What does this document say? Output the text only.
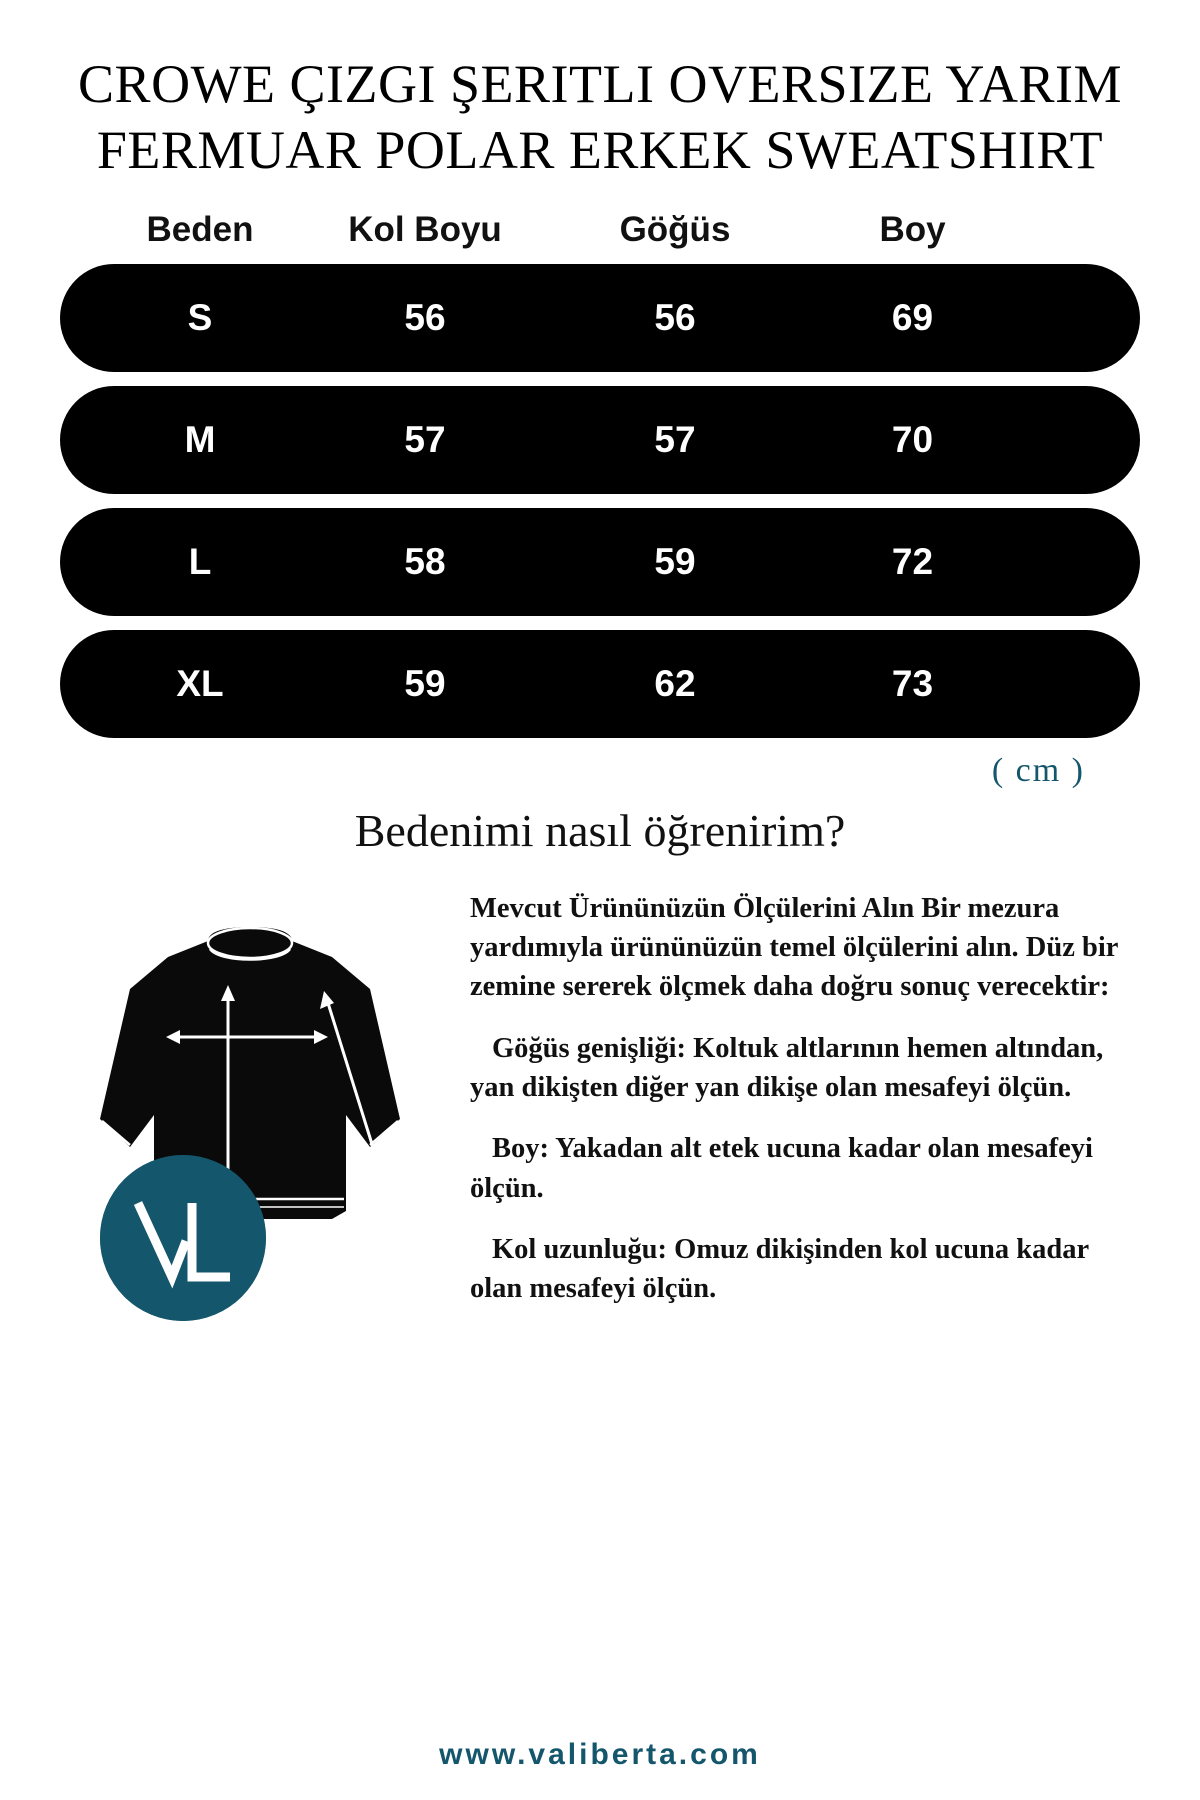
CROWE ÇIZGI ŞERITLI OVERSIZE YARIM FERMUAR POLAR ERKEK SWEATSHIRT
Beden	Kol Boyu	Göğüs	Boy
S	56	56	69
M	57	57	70
L	58	59	72
XL	59	62	73
( cm )
Bedenimi nasıl öğrenirim?

Mevcut Ürününüzün Ölçülerini Alın Bir mezura yardımıyla ürününüzün temel ölçülerini alın. Düz bir zemine sererek ölçmek daha doğru sonuç verecektir:

Göğüs genişliği: Koltuk altlarının hemen altından, yan dikişten diğer yan dikişe olan mesafeyi ölçün.

Boy: Yakadan alt etek ucuna kadar olan mesafeyi ölçün.

Kol uzunluğu: Omuz dikişinden kol ucuna kadar olan mesafeyi ölçün.

www.valiberta.com
